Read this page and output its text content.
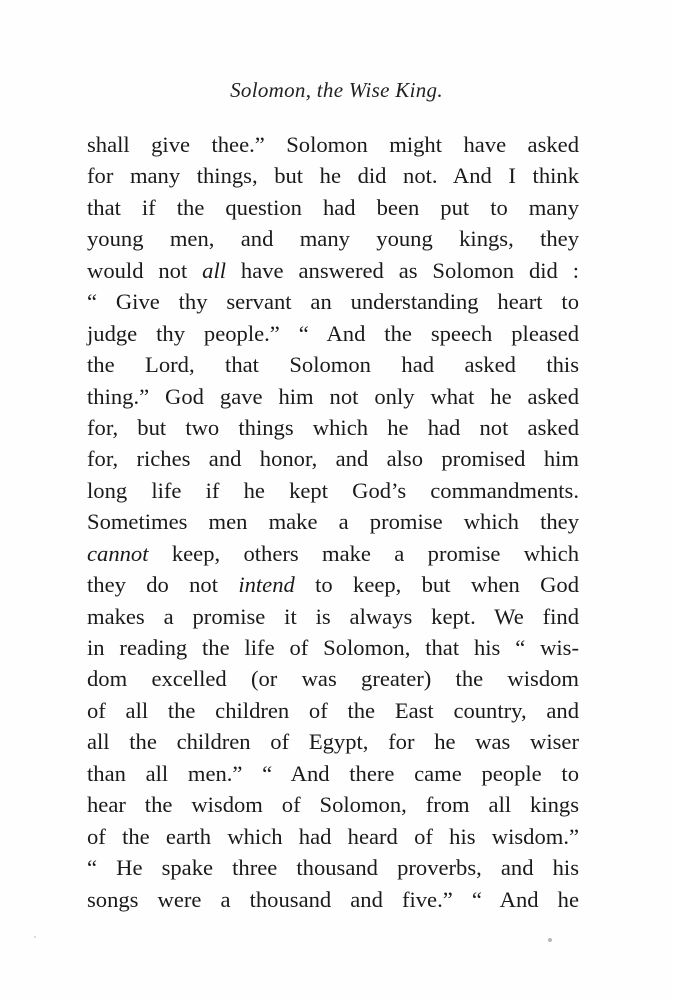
Solomon, the Wise King.
shall give thee.” Solomon might have asked
for many things, but he did not. And I think
that if the question had been put to many
young men, and many young kings, they
would not all have answered as Solomon did :
“ Give thy servant an understanding heart to
judge thy people.” “ And the speech pleased
the Lord, that Solomon had asked this
thing.” God gave him not only what he asked
for, but two things which he had not asked
for, riches and honor, and also promised him
long life if he kept God’s commandments.
Sometimes men make a promise which they
cannot keep, others make a promise which
they do not intend to keep, but when God
makes a promise it is always kept. We find
in reading the life of Solomon, that his “ wis-
dom excelled (or was greater) the wisdom
of all the children of the East country, and
all the children of Egypt, for he was wiser
than all men.” “ And there came people to
hear the wisdom of Solomon, from all kings
of the earth which had heard of his wisdom.”
“ He spake three thousand proverbs, and his
songs were a thousand and five.” “ And he
